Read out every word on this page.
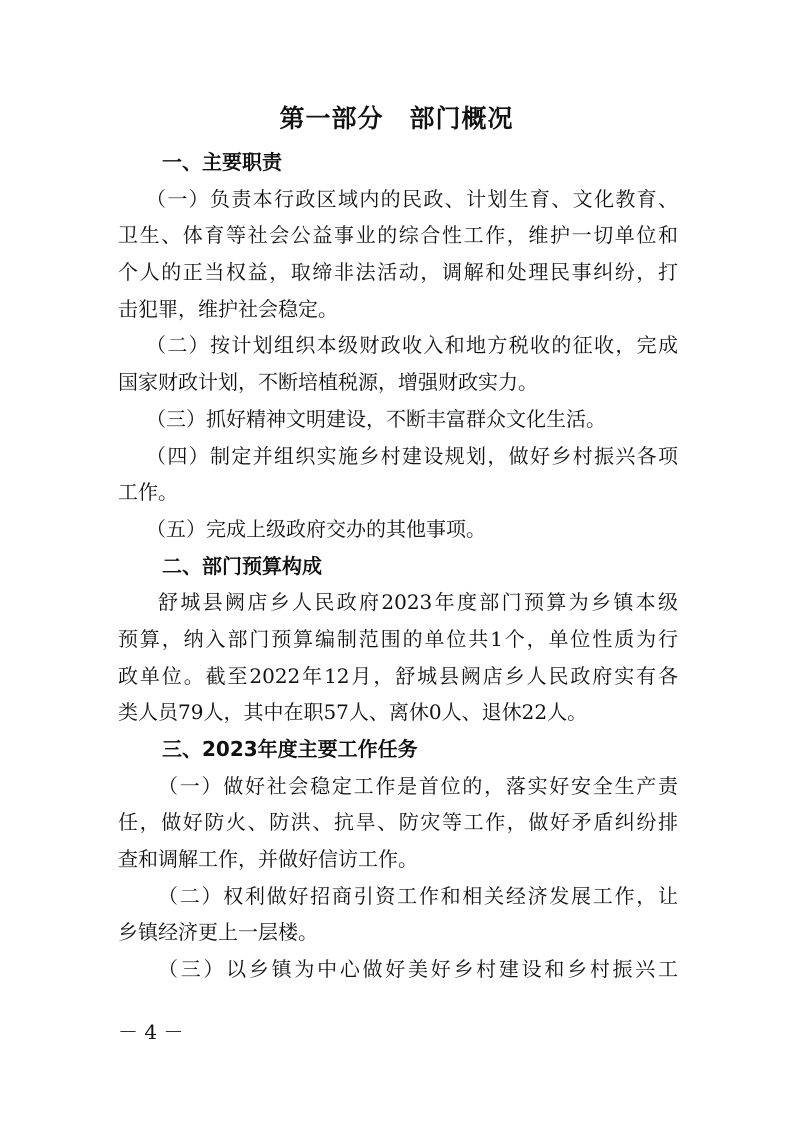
第一部分　部门概况
一、主要职责
（一）负责本行政区域内的民政、计划生育、文化教育、
卫生、体育等社会公益事业的综合性工作，维护一切单位和
个人的正当权益，取缔非法活动，调解和处理民事纠纷，打
击犯罪，维护社会稳定。
（二）按计划组织本级财政收入和地方税收的征收，完成
国家财政计划，不断培植税源，增强财政实力。
（三）抓好精神文明建设，不断丰富群众文化生活。
（四）制定并组织实施乡村建设规划，做好乡村振兴各项
工作。
（五）完成上级政府交办的其他事项。
二、部门预算构成
舒城县阙店乡人民政府2023年度部门预算为乡镇本级
预算，纳入部门预算编制范围的单位共1个，单位性质为行
政单位。截至2022年12月，舒城县阙店乡人民政府实有各
类人员79人，其中在职57人、离休0人、退休22人。
三、2023年度主要工作任务
（一）做好社会稳定工作是首位的，落实好安全生产责
任，做好防火、防洪、抗旱、防灾等工作，做好矛盾纠纷排
查和调解工作，并做好信访工作。
（二）权利做好招商引资工作和相关经济发展工作，让
乡镇经济更上一层楼。
（三）以乡镇为中心做好美好乡村建设和乡村振兴工
－ 4 －
